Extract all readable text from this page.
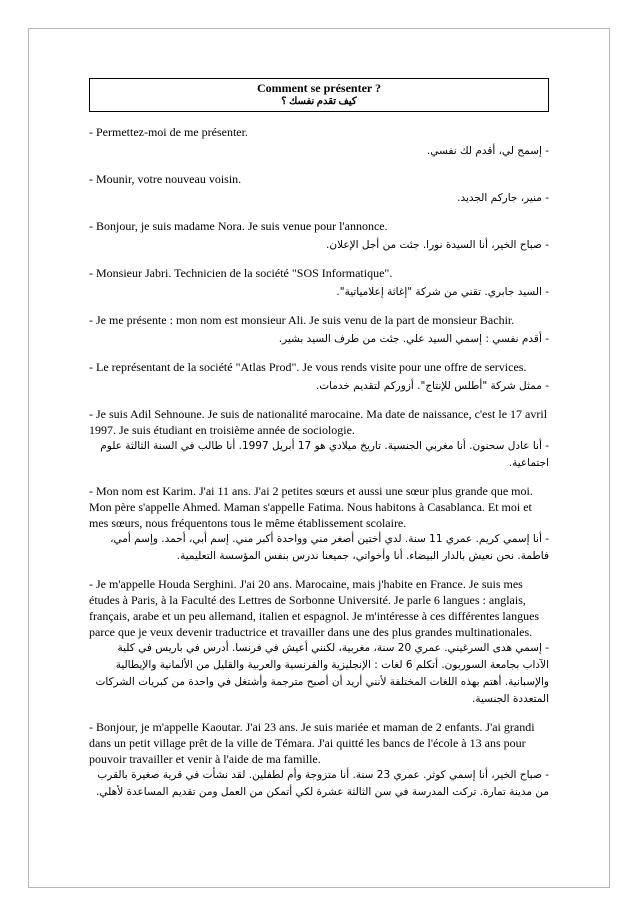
Comment se présenter ?
كيف تقدم نفسك ؟
- Permettez-moi de me présenter.
- إسمح لي، أقدم لك نفسي.
- Mounir, votre nouveau voisin.
- منير، جاركم الجديد.
- Bonjour, je suis madame Nora. Je suis venue pour l'annonce.
- صباح الخير، أنا السيدة نورا. جئت من أجل الإعلان.
- Monsieur Jabri. Technicien de la société "SOS Informatique".
- السيد جابري. تقني من شركة "إغاثة إعلامياتية".
- Je me présente : mon nom est monsieur Ali. Je suis venu de la part de monsieur Bachir.
- أقدم نفسي : إسمي السيد علي. جئت من طرف السيد بشير.
- Le représentant de la société "Atlas Prod". Je vous rends visite pour une offre de services.
- ممثل شركة "أطلس للإنتاج". أزوركم لتقديم خدمات.
- Je suis Adil Sehnoune. Je suis de nationalité marocaine. Ma date de naissance, c'est le 17 avril 1997. Je suis étudiant en troisième année de sociologie.
- أنا عادل سحنون. أنا مغربي الجنسية. تاريخ ميلادي هو 17 أبريل 1997. أنا طالب في السنة الثالثة علوم اجتماعية.
- Mon nom est Karim. J'ai 11 ans. J'ai 2 petites sœurs et aussi une sœur plus grande que moi. Mon père s'appelle Ahmed. Maman s'appelle Fatima. Nous habitons à Casablanca. Et moi et mes sœurs, nous fréquentons tous le même établissement scolaire.
- أنا إسمي كريم. عمري 11 سنة. لدي أختين أصغر مني وواحدة أكبر مني. إسم أبي، أحمد. وإسم أمي، فاطمة. نحن نعيش بالدار البيضاء. أنا وأخواتي، جميعنا ندرس بنفس المؤسسة التعليمية.
- Je m'appelle Houda Serghini. J'ai 20 ans. Marocaine, mais j'habite en France. Je suis mes études à Paris, à la Faculté des Lettres de Sorbonne Université. Je parle 6 langues : anglais, français, arabe et un peu allemand, italien et espagnol. Je m'intéresse à ces différentes langues parce que je veux devenir traductrice et travailler dans une des plus grandes multinationales.
- إسمي هدى السرغيني. عمري 20 سنة، مغربية، لكنني أعيش في فرنسا. أدرس في باريس في كلية الآداب بجامعة السوربون. أتكلم 6 لغات : الإنجليزية والفرنسية والعربية والقليل من الألمانية والإيطالية والإسبانية. أهتم بهذه اللغات المختلفة لأنني أريد أن أصبح مترجمة وأشتغل في واحدة من كبريات الشركات المتعددة الجنسية.
- Bonjour, je m'appelle Kaoutar. J'ai 23 ans. Je suis mariée et maman de 2 enfants. J'ai grandi dans un petit village prêt de la ville de Témara. J'ai quitté les bancs de l'école à 13 ans pour pouvoir travailler et venir à l'aide de ma famille.
- صباح الخير، أنا إسمي كوثر. عمري 23 سنة. أنا متزوجة وأم لطفلين. لقد نشأت في قرية صغيرة بالقرب من مدينة تمارة. تركت المدرسة في سن الثالثة عشرة لكي أتمكن من العمل ومن تقديم المساعدة لأهلي.
